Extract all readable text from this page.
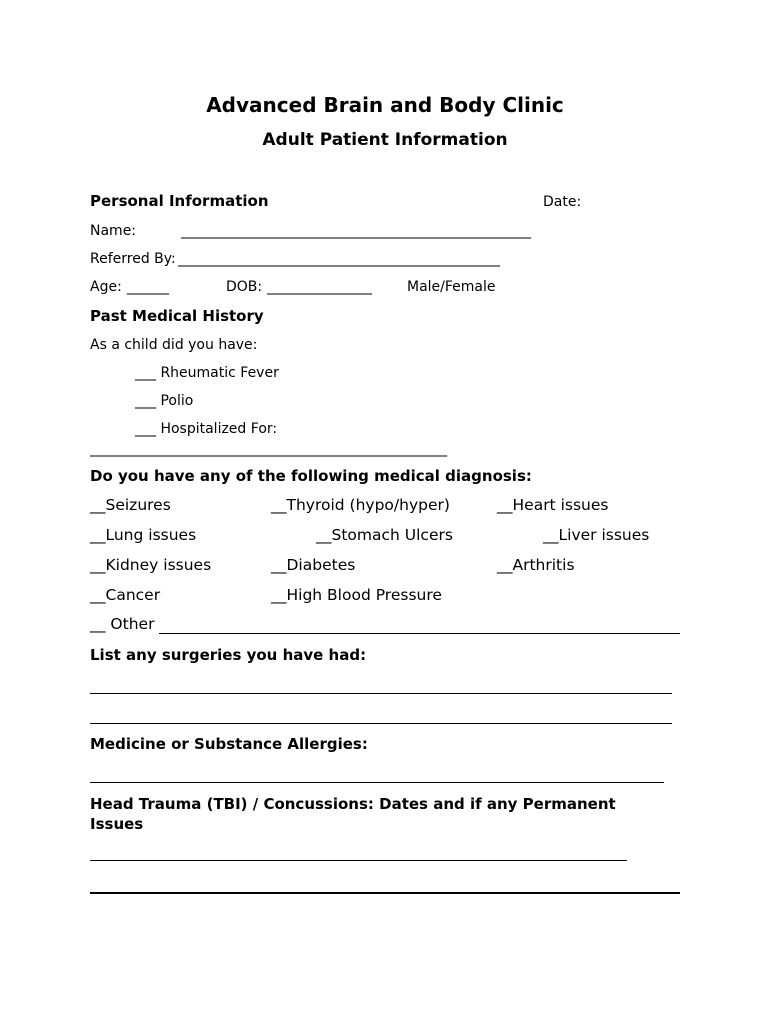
Advanced Brain and Body Clinic
Adult Patient Information
Personal Information	Date:
Name:	__________________________________________________
Referred By: ______________________________________________
Age: ______	DOB: _______________	Male/Female
Past Medical History
As a child did you have:
___ Rheumatic Fever
___ Polio
___ Hospitalized For:
___________________________________________________
Do you have any of the following medical diagnosis:
__Seizures	__Thyroid (hypo/hyper)	__Heart issues
__Lung issues	__Stomach Ulcers	__Liver issues
__Kidney issues	__Diabetes	__Arthritis
__Cancer	__High Blood Pressure
__ Other
List any surgeries you have had:
Medicine or Substance Allergies:
Head Trauma (TBI) / Concussions: Dates and if any Permanent
Issues
